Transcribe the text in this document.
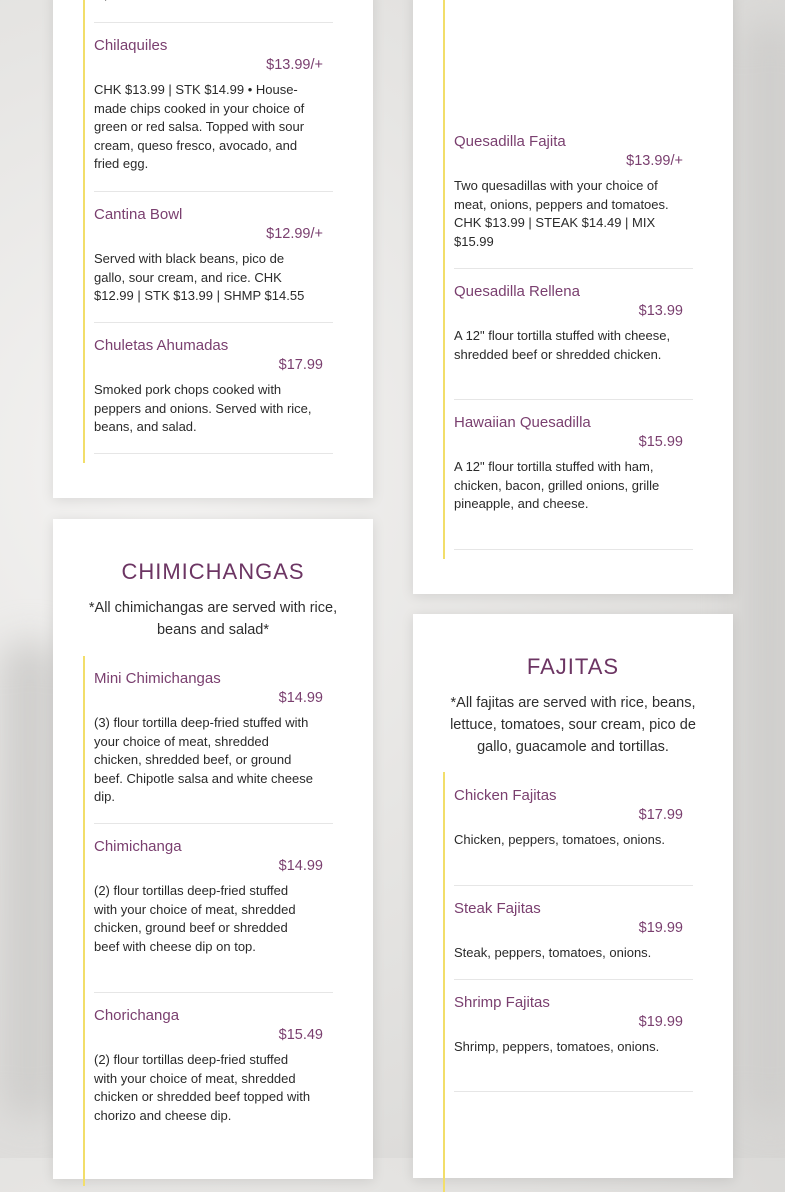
Chilaquiles
$13.99/+
CHK $13.99 | STK $14.99 • House-made chips cooked in your choice of green or red salsa. Topped with sour cream, queso fresco, avocado, and fried egg.
Cantina Bowl
$12.99/+
Served with black beans, pico de gallo, sour cream, and rice. CHK $12.99 | STK $13.99 | SHMP $14.55
Chuletas Ahumadas
$17.99
Smoked pork chops cooked with peppers and onions. Served with rice, beans, and salad.
CHIMICHANGAS
*All chimichangas are served with rice, beans and salad*
Mini Chimichangas
$14.99
(3) flour tortilla deep-fried stuffed with your choice of meat, shredded chicken, shredded beef, or ground beef. Chipotle salsa and white cheese dip.
Chimichanga
$14.99
(2) flour tortillas deep-fried stuffed with your choice of meat, shredded chicken, ground beef or shredded beef with cheese dip on top.
Chorichanga
$15.49
(2) flour tortillas deep-fried stuffed with your choice of meat, shredded chicken or shredded beef topped with chorizo and cheese dip.
Quesadilla Fajita
$13.99/+
Two quesadillas with your choice of meat, onions, peppers and tomatoes. CHK $13.99 | STEAK $14.49 | MIX $15.99
Quesadilla Rellena
$13.99
A 12" flour tortilla stuffed with cheese, shredded beef or shredded chicken.
Hawaiian Quesadilla
$15.99
A 12" flour tortilla stuffed with ham, chicken, bacon, grilled onions, grille pineapple, and cheese.
FAJITAS
*All fajitas are served with rice, beans, lettuce, tomatoes, sour cream, pico de gallo, guacamole and tortillas.
Chicken Fajitas
$17.99
Chicken, peppers, tomatoes, onions.
Steak Fajitas
$19.99
Steak, peppers, tomatoes, onions.
Shrimp Fajitas
$19.99
Shrimp, peppers, tomatoes, onions.
